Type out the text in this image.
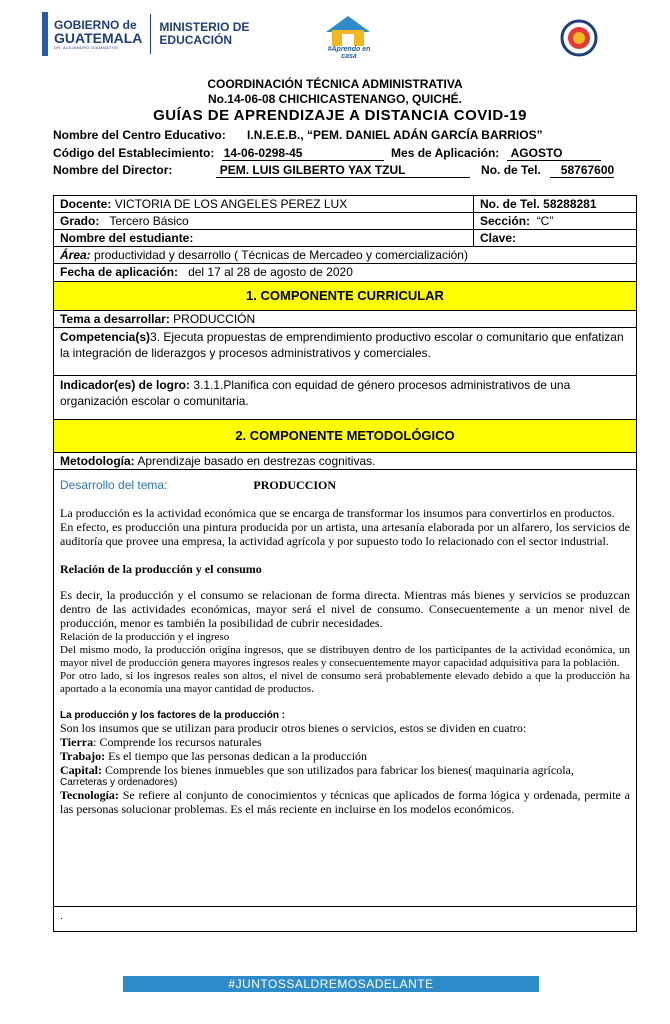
GOBIERNO de
GUATEMALA
DR. ALEJANDRO GIAMMATTEI
MINISTERIO DE
EDUCACIÓN
#Aprendo en casa
COORDINACIÓN TÉCNICA ADMINISTRATIVA
No.14-06-08 CHICHICASTENANGO, QUICHÉ.
GUÍAS DE APRENDIZAJE A DISTANCIA COVID-19
Nombre del Centro Educativo: I.N.E.E.B., “PEM. DANIEL ADÁN GARCÍA BARRIOS”
Código del Establecimiento: 14-06-0298-45	Mes de Aplicación: AGOSTO
Nombre del Director:	PEM. LUIS GILBERTO YAX TZUL	No. de Tel. 58767600
Docente: VICTORIA DE LOS ANGELES PEREZ LUX	No. de Tel. 58288281
Grado: Tercero Básico	Sección: “C”
Nombre del estudiante:	Clave:
Área: productividad y desarrollo ( Técnicas de Mercadeo y comercialización)
Fecha de aplicación: del 17 al 28 de agosto de 2020
1. COMPONENTE CURRICULAR
Tema a desarrollar: PRODUCCIÓN
Competencia(s)3. Ejecuta propuestas de emprendimiento productivo escolar o comunitario que enfatizan la integración de liderazgos y procesos administrativos y comerciales.
Indicador(es) de logro: 3.1.1.Planifica con equidad de género procesos administrativos de una organización escolar o comunitaria.
2. COMPONENTE METODOLÓGICO
Metodología: Aprendizaje basado en destrezas cognitivas.
Desarrollo del tema:	PRODUCCION

La producción es la actividad económica que se encarga de transformar los insumos para convertirlos en productos.

En efecto, es producción una pintura producida por un artista, una artesanía elaborada por un alfarero, los servicios de auditoría que provee una empresa, la actividad agrícola y por supuesto todo lo relacionado con el sector industrial.

Relación de la producción y el consumo

Es decir, la producción y el consumo se relacionan de forma directa. Mientras más bienes y servicios se produzcan dentro de las actividades económicas, mayor será el nivel de consumo. Consecuentemente a un menor nivel de producción, menor es también la posibilidad de cubrir necesidades.

Relación de la producción y el ingreso

Del mismo modo, la producción origina ingresos, que se distribuyen dentro de los participantes de la actividad económica, un mayor nivel de producción genera mayores ingresos reales y consecuentemente mayor capacidad adquisitiva para la población.

Por otro lado, si los ingresos reales son altos, el nivel de consumo será probablemente elevado debido a que la producción ha aportado a la economía una mayor cantidad de productos.

La producción y los factores de la producción :

Son los insumos que se utilizan para producir otros bienes o servicios, estos se dividen en cuatro:

Tierra: Comprende los recursos naturales

Trabajo: Es el tiempo que las personas dedican a la producción

Capital: Comprende los bienes inmuebles que son utilizados para fabricar los bienes( maquinaria agrícola,

Carreteras y ordenadores)

Tecnología: Se refiere al conjunto de conocimientos y técnicas que aplicados de forma lógica y ordenada, permite a las personas solucionar problemas. Es el más reciente en incluirse en los modelos económicos.

.
#JUNTOSSALDREMOSADELANTE
